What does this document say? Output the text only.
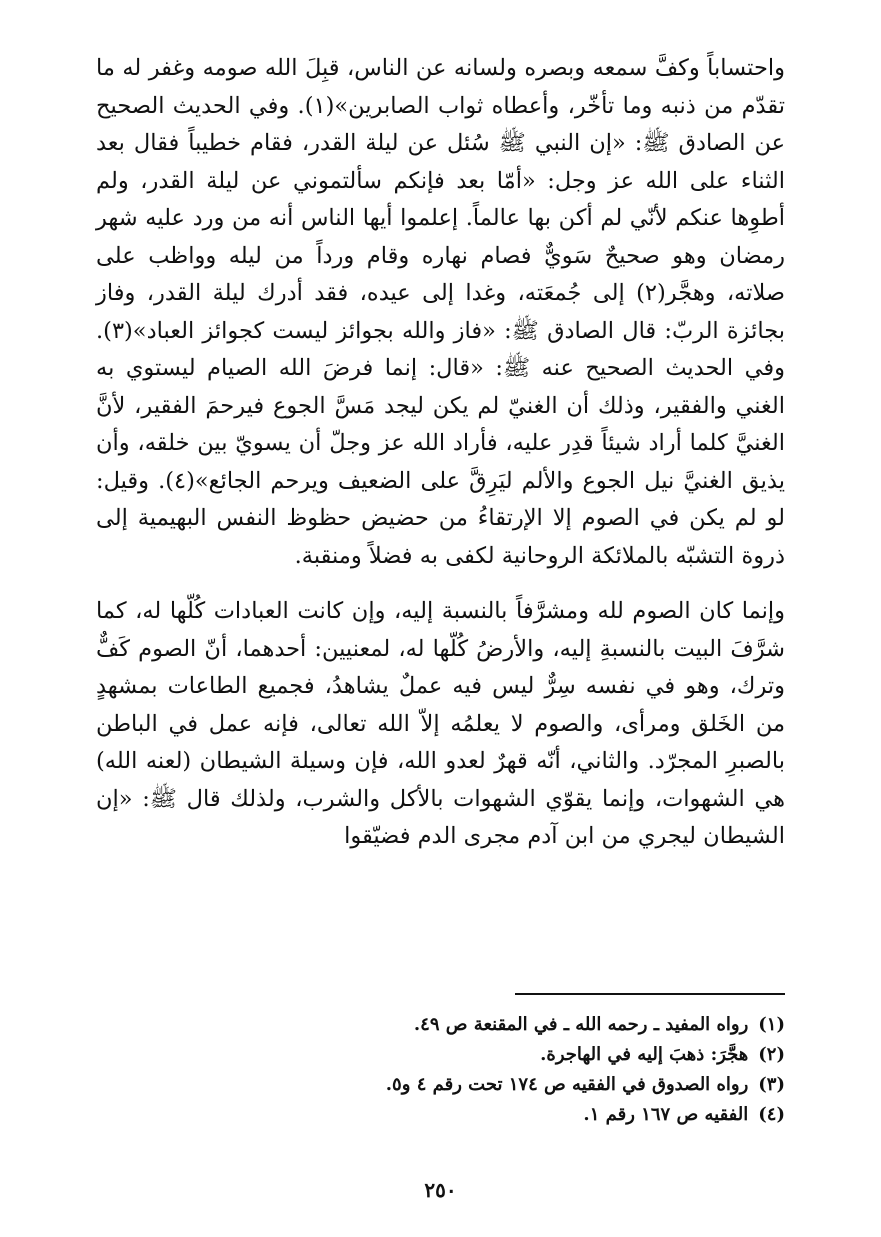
واحتساباً وكفَّ سمعه وبصره ولسانه عن الناس، قبِلَ الله صومه وغفر له ما تقدّم من ذنبه وما تأخّر، وأعطاه ثواب الصابرين»(١). وفي الحديث الصحيح عن الصادق ﷺ: «إن النبي ﷺ سُئل عن ليلة القدر، فقام خطيباً فقال بعد الثناء على الله عز وجل: «أمّا بعد فإنكم سألتموني عن ليلة القدر، ولم أطوِها عنكم لأنّي لم أكن بها عالماً. إعلموا أيها الناس أنه من ورد عليه شهر رمضان وهو صحيحٌ سَويٌّ فصام نهاره وقام ورداً من ليله وواظب على صلاته، وهجَّر(٢) إلى جُمعَته، وغدا إلى عيده، فقد أدرك ليلة القدر، وفاز بجائزة الربّ: قال الصادق ﷺ: «فاز والله بجوائز ليست كجوائز العباد»(٣). وفي الحديث الصحيح عنه ﷺ: «قال: إنما فرضَ الله الصيام ليستوي به الغني والفقير، وذلك أن الغنيّ لم يكن ليجد مَسَّ الجوع فيرحمَ الفقير، لأنَّ الغنيَّ كلما أراد شيئاً قدِر عليه، فأراد الله عز وجلّ أن يسويّ بين خلقه، وأن يذيق الغنيَّ نيل الجوع والألم ليَرِقَّ على الضعيف ويرحم الجائع»(٤). وقيل: لو لم يكن في الصوم إلا الإرتقاءُ من حضيض حظوظ النفس البهيمية إلى ذروة التشبّه بالملائكة الروحانية لكفى به فضلاً ومنقبة.

وإنما كان الصوم لله ومشرَّفاً بالنسبة إليه، وإن كانت العبادات كُلّها له، كما شرَّفَ البيت بالنسبةِ إليه، والأرضُ كُلّها له، لمعنيين: أحدهما، أنّ الصوم كَفٌّ وترك، وهو في نفسه سِرٌّ ليس فيه عملٌ يشاهدُ، فجميع الطاعات بمشهدٍ من الخَلق ومرأى، والصوم لا يعلمُه إلاّ الله تعالى، فإنه عمل في الباطن بالصبرِ المجرّد. والثاني، أنّه قهرٌ لعدو الله، فإن وسيلة الشيطان (لعنه الله) هي الشهوات، وإنما يقوّي الشهوات بالأكل والشرب، ولذلك قال ﷺ: «إن الشيطان ليجري من ابن آدم مجرى الدم فضيّقوا

(١)رواه المفيد ـ رحمه الله ـ في المقنعة ص ٤٩.
(٢)هجَّرَ: ذهبَ إليه في الهاجرة.
(٣)رواه الصدوق في الفقيه ص ١٧٤ تحت رقم ٤ و٥.
(٤)الفقيه ص ١٦٧ رقم ١.
٢٥٠
